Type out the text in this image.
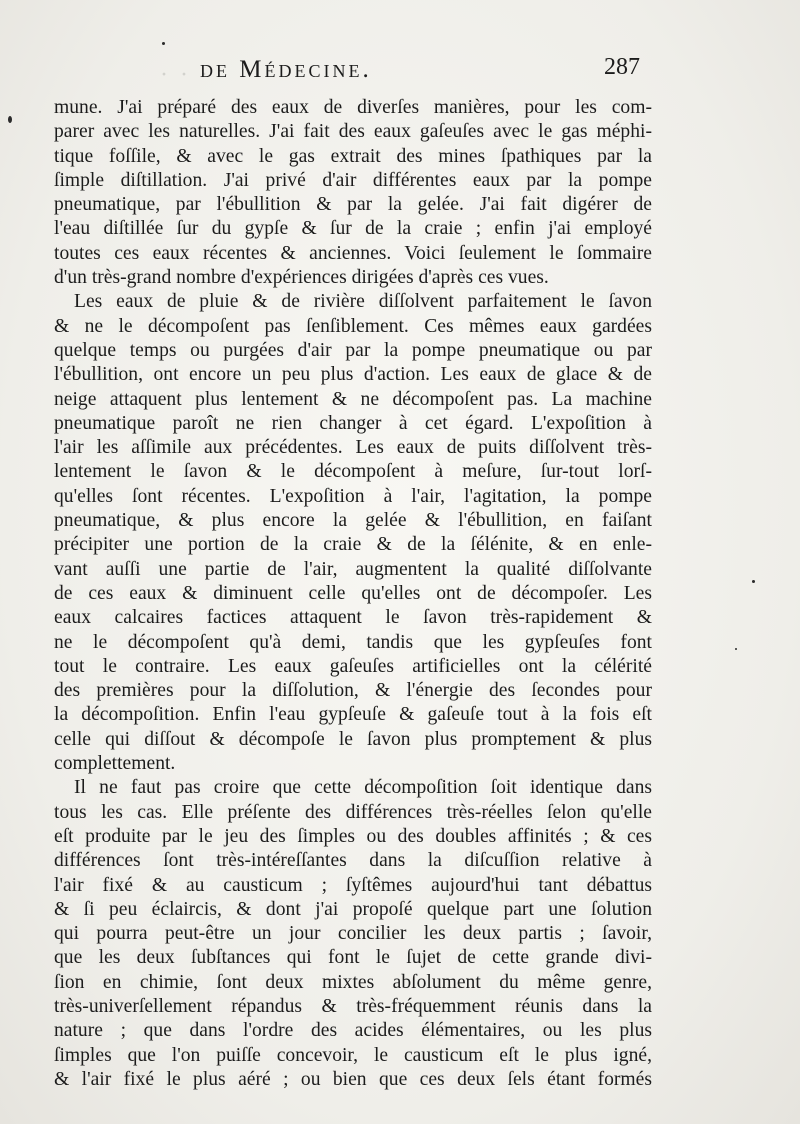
· · ·
de Médecine.	287
mune. J'ai préparé des eaux de diverſes manières, pour les com-
parer avec les naturelles. J'ai fait des eaux gaſeuſes avec le gas méphi-
tique foſſile, & avec le gas extrait des mines ſpathiques par la
ſimple diſtillation. J'ai privé d'air différentes eaux par la pompe
pneumatique, par l'ébullition & par la gelée. J'ai fait digérer de
l'eau diſtillée ſur du gypſe & ſur de la craie ; enfin j'ai employé
toutes ces eaux récentes & anciennes. Voici ſeulement le ſommaire
d'un très-grand nombre d'expériences dirigées d'après ces vues.
Les eaux de pluie & de rivière diſſolvent parfaitement le ſavon
& ne le décompoſent pas ſenſiblement. Ces mêmes eaux gardées
quelque temps ou purgées d'air par la pompe pneumatique ou par
l'ébullition, ont encore un peu plus d'action. Les eaux de glace & de
neige attaquent plus lentement & ne décompoſent pas. La machine
pneumatique paroît ne rien changer à cet égard. L'expoſition à
l'air les aſſimile aux précédentes. Les eaux de puits diſſolvent très-
lentement le ſavon & le décompoſent à meſure, ſur-tout lorſ-
qu'elles ſont récentes. L'expoſition à l'air, l'agitation, la pompe
pneumatique, & plus encore la gelée & l'ébullition, en faiſant
précipiter une portion de la craie & de la ſélénite, & en enle-
vant auſſi une partie de l'air, augmentent la qualité diſſolvante
de ces eaux & diminuent celle qu'elles ont de décompoſer. Les
eaux calcaires factices attaquent le ſavon très-rapidement &
ne le décompoſent qu'à demi, tandis que les gypſeuſes font
tout le contraire. Les eaux gaſeuſes artificielles ont la célérité
des premières pour la diſſolution, & l'énergie des ſecondes pour
la décompoſition. Enfin l'eau gypſeuſe & gaſeuſe tout à la fois eſt
celle qui diſſout & décompoſe le ſavon plus promptement & plus
complettement.
Il ne faut pas croire que cette décompoſition ſoit identique dans
tous les cas. Elle préſente des différences très-réelles ſelon qu'elle
eſt produite par le jeu des ſimples ou des doubles affinités ; & ces
différences ſont très-intéreſſantes dans la diſcuſſion relative à
l'air fixé & au causticum ; ſyſtêmes aujourd'hui tant débattus
& ſi peu éclaircis, & dont j'ai propoſé quelque part une ſolution
qui pourra peut-être un jour concilier les deux partis ; ſavoir,
que les deux ſubſtances qui font le ſujet de cette grande divi-
ſion en chimie, ſont deux mixtes abſolument du même genre,
très-univerſellement répandus & très-fréquemment réunis dans la
nature ; que dans l'ordre des acides élémentaires, ou les plus
ſimples que l'on puiſſe concevoir, le causticum eſt le plus igné,
& l'air fixé le plus aéré ; ou bien que ces deux ſels étant formés
